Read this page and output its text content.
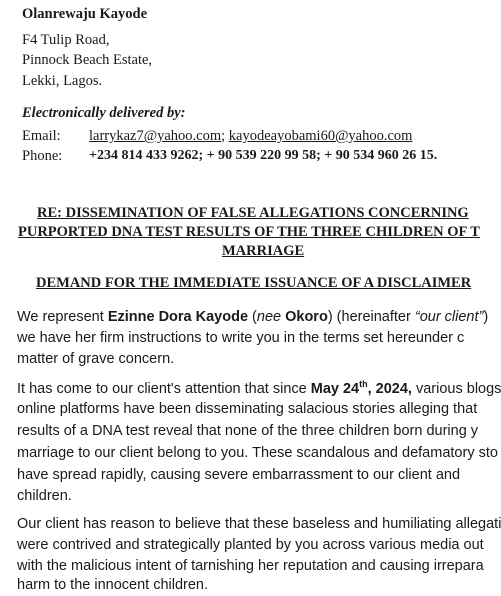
Olanrewaju Kayode
F4 Tulip Road,
Pinnock Beach Estate,
Lekki, Lagos.
Electronically delivered by:
Email: larrykaz7@yahoo.com; kayodeayobami60@yahoo.com
Phone: +234 814 433 9262; + 90 539 220 99 58; + 90 534 960 26 15.
RE: DISSEMINATION OF FALSE ALLEGATIONS CONCERNING
PURPORTED DNA TEST RESULTS OF THE THREE CHILDREN OF T
MARRIAGE
DEMAND FOR THE IMMEDIATE ISSUANCE OF A DISCLAIMER
We represent Ezinne Dora Kayode (nee Okoro) (hereinafter “our client”)
we have her firm instructions to write you in the terms set hereunder c
matter of grave concern.
It has come to our client's attention that since May 24th, 2024, various blogs
online platforms have been disseminating salacious stories alleging that
results of a DNA test reveal that none of the three children born during y
marriage to our client belong to you. These scandalous and defamatory sto
have spread rapidly, causing severe embarrassment to our client and
children.
Our client has reason to believe that these baseless and humiliating allegati
were contrived and strategically planted by you across various media out
with the malicious intent of tarnishing her reputation and causing irrepara
harm to the innocent children.
